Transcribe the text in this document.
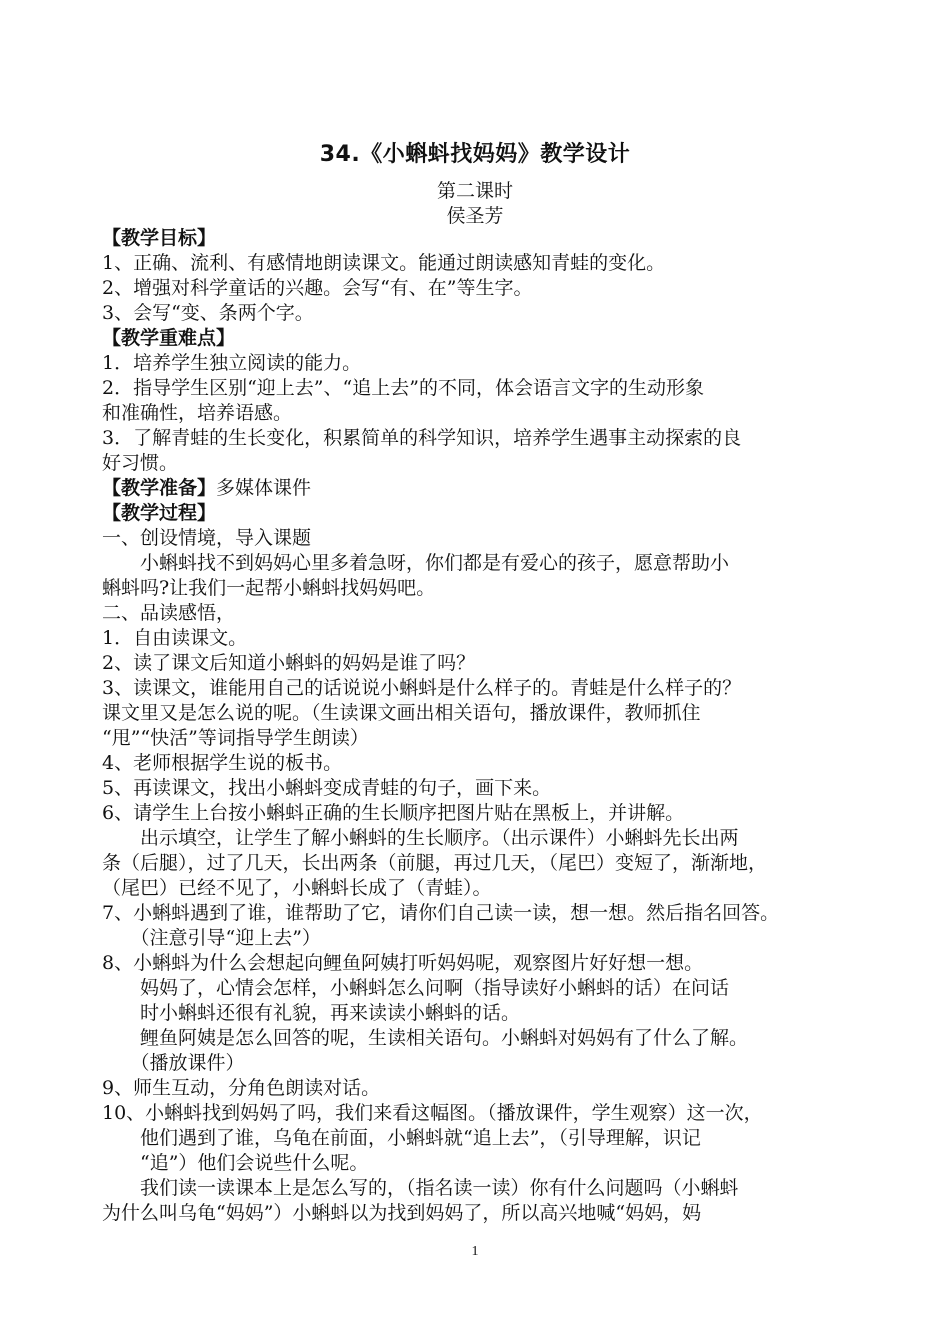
34.《小蝌蚪找妈妈》教学设计
第二课时
侯圣芳
【教学目标】
1、正确、流利、有感情地朗读课文。能通过朗读感知青蛙的变化。
2、增强对科学童话的兴趣。会写“有、在”等生字。
3、会写“变、条两个字。
【教学重难点】
1．培养学生独立阅读的能力。
2．指导学生区别“迎上去”、“追上去”的不同，体会语言文字的生动形象
和准确性，培养语感。
3．了解青蛙的生长变化，积累简单的科学知识，培养学生遇事主动探索的良
好习惯。
【教学准备】多媒体课件
【教学过程】
一、创设情境，导入课题
　　小蝌蚪找不到妈妈心里多着急呀，你们都是有爱心的孩子，愿意帮助小
蝌蚪吗?让我们一起帮小蝌蚪找妈妈吧。
二、品读感悟，
1．自由读课文。
2、读了课文后知道小蝌蚪的妈妈是谁了吗？
3、读课文，谁能用自己的话说说小蝌蚪是什么样子的。青蛙是什么样子的？
课文里又是怎么说的呢。（生读课文画出相关语句，播放课件，教师抓住
“甩”“快活”等词指导学生朗读）
4、老师根据学生说的板书。
5、再读课文，找出小蝌蚪变成青蛙的句子，画下来。
6、请学生上台按小蝌蚪正确的生长顺序把图片贴在黑板上，并讲解。
　　出示填空，让学生了解小蝌蚪的生长顺序。（出示课件）小蝌蚪先长出两
条（后腿），过了几天，长出两条（前腿，再过几天，（尾巴）变短了，渐渐地，
（尾巴）已经不见了，小蝌蚪长成了（青蛙）。
7、小蝌蚪遇到了谁，谁帮助了它，请你们自己读一读，想一想。然后指名回答。
　　（注意引导“迎上去”）
8、小蝌蚪为什么会想起向鲤鱼阿姨打听妈妈呢，观察图片好好想一想。
　　妈妈了，心情会怎样，小蝌蚪怎么问啊（指导读好小蝌蚪的话）在问话
　　时小蝌蚪还很有礼貌，再来读读小蝌蚪的话。
　　鲤鱼阿姨是怎么回答的呢，生读相关语句。小蝌蚪对妈妈有了什么了解。
　　（播放课件）
9、师生互动，分角色朗读对话。
10、小蝌蚪找到妈妈了吗，我们来看这幅图。（播放课件，学生观察）这一次，
　　他们遇到了谁，乌龟在前面，小蝌蚪就“追上去”，（引导理解，识记
　　“追”）他们会说些什么呢。
　　我们读一读课本上是怎么写的，（指名读一读）你有什么问题吗（小蝌蚪
为什么叫乌龟“妈妈”）小蝌蚪以为找到妈妈了，所以高兴地喊“妈妈，妈
1
